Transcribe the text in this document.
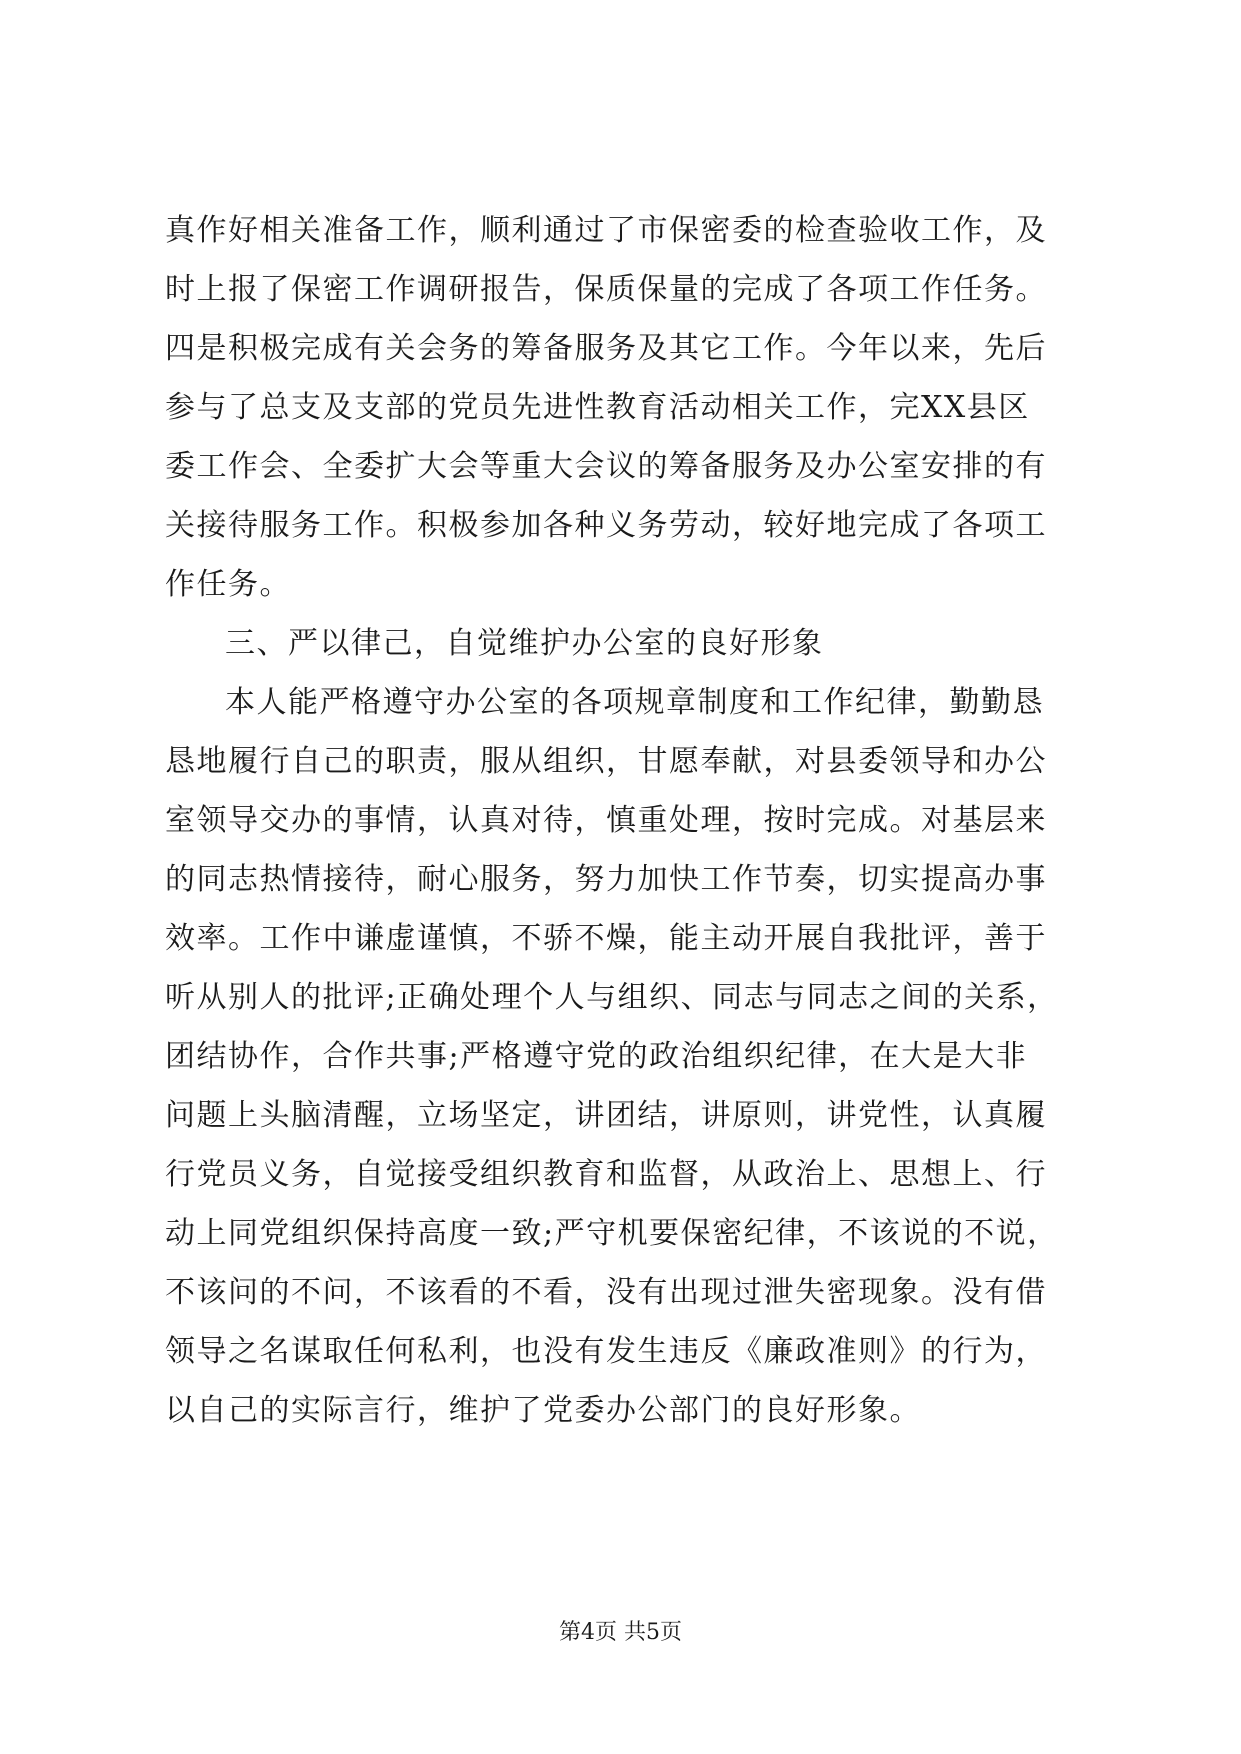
真作好相关准备工作，顺利通过了市保密委的检查验收工作，及
时上报了保密工作调研报告，保质保量的完成了各项工作任务。
四是积极完成有关会务的筹备服务及其它工作。今年以来，先后
参与了总支及支部的党员先进性教育活动相关工作，完XX县区
委工作会、全委扩大会等重大会议的筹备服务及办公室安排的有
关接待服务工作。积极参加各种义务劳动，较好地完成了各项工
作任务。
三、严以律己，自觉维护办公室的良好形象
本人能严格遵守办公室的各项规章制度和工作纪律，勤勤恳
恳地履行自己的职责，服从组织，甘愿奉献，对县委领导和办公
室领导交办的事情，认真对待，慎重处理，按时完成。对基层来
的同志热情接待，耐心服务，努力加快工作节奏，切实提高办事
效率。工作中谦虚谨慎，不骄不燥，能主动开展自我批评，善于
听从别人的批评;正确处理个人与组织、同志与同志之间的关系，
团结协作，合作共事;严格遵守党的政治组织纪律，在大是大非
问题上头脑清醒，立场坚定，讲团结，讲原则，讲党性，认真履
行党员义务，自觉接受组织教育和监督，从政治上、思想上、行
动上同党组织保持高度一致;严守机要保密纪律，不该说的不说，
不该问的不问，不该看的不看，没有出现过泄失密现象。没有借
领导之名谋取任何私利，也没有发生违反《廉政准则》的行为，
以自己的实际言行，维护了党委办公部门的良好形象。
第4页 共5页
